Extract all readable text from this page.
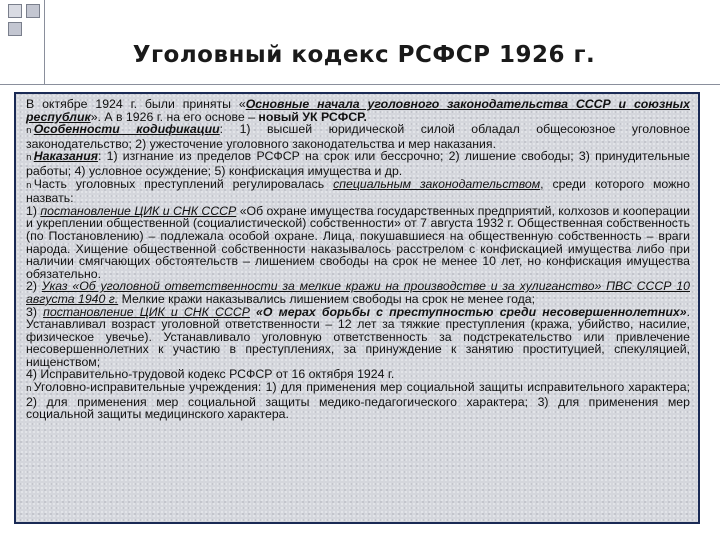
Уголовный кодекс РСФСР 1926 г.
В октябре 1924 г. были приняты «Основные начала уголовного законодательства СССР и союзных республик». А в 1926 г. на его основе – новый УК РСФСР.
n Особенности кодификации: 1) высшей юридической силой обладал общесоюзное уголовное законодательство; 2) ужесточение уголовного законодательства и мер наказания.
n Наказания: 1) изгнание из пределов РСФСР на срок или бессрочно; 2) лишение свободы; 3) принудительные работы; 4) условное осуждение; 5) конфискация имущества и др.
n Часть уголовных преступлений регулировалась специальным законодательством, среди которого можно назвать:
1) постановление ЦИК и СНК СССР «Об охране имущества государственных предприятий, колхозов и кооперации и укреплении общественной (социалистической) собственности» от 7 августа 1932 г. Общественная собственность (по Постановлению) – подлежала особой охране. Лица, покушавшиеся на общественную собственность – враги народа. Хищение общественной собственности наказывалось расстрелом с конфискацией имущества либо при наличии смягчающих обстоятельств – лишением свободы на срок не менее 10 лет, но конфискация имущества обязательно.
2) Указ «Об уголовной ответственности за мелкие кражи на производстве и за хулиганство» ПВС СССР 10 августа 1940 г. Мелкие кражи наказывались лишением свободы на срок не менее года;
3) постановление ЦИК и СНК СССР «О мерах борьбы с преступностью среди несовершеннолетних». Устанавливал возраст уголовной ответственности – 12 лет за тяжкие преступления (кража, убийство, насилие, физическое увечье). Устанавливало уголовную ответственность за подстрекательство или привлечение несовершеннолетних к участию в преступлениях, за принуждение к занятию проституцией, спекуляцией, нищенством;
4) Исправительно-трудовой кодекс РСФСР от 16 октября 1924 г.
n Уголовно-исправительные учреждения: 1) для применения мер социальной защиты исправительного характера; 2) для применения мер социальной защиты медико-педагогического характера; 3) для применения мер социальной защиты медицинского характера.
